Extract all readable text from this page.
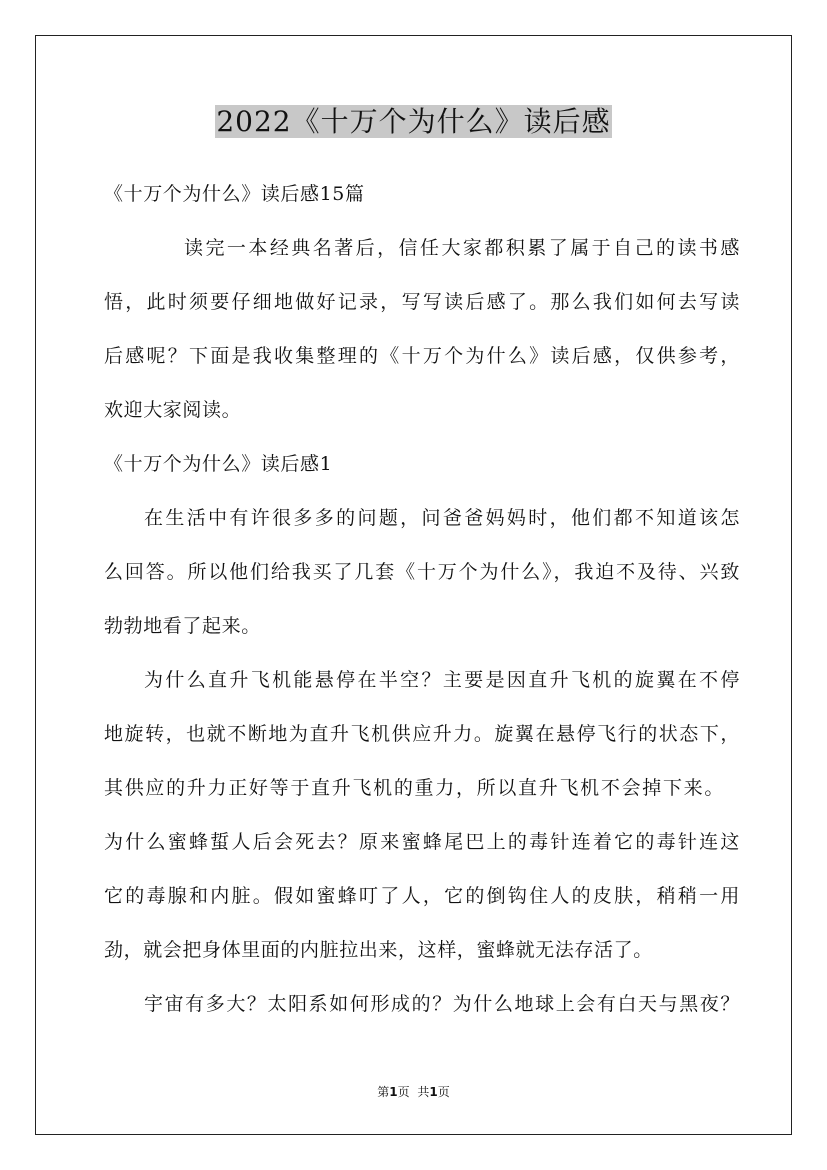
2022《十万个为什么》读后感
《十万个为什么》读后感15篇
读完一本经典名著后，信任大家都积累了属于自己的读书感
悟，此时须要仔细地做好记录，写写读后感了。那么我们如何去写读
后感呢？下面是我收集整理的《十万个为什么》读后感，仅供参考，
欢迎大家阅读。
《十万个为什么》读后感1
在生活中有许很多多的问题，问爸爸妈妈时，他们都不知道该怎
么回答。所以他们给我买了几套《十万个为什么》，我迫不及待、兴致
勃勃地看了起来。
为什么直升飞机能悬停在半空？主要是因直升飞机的旋翼在不停
地旋转，也就不断地为直升飞机供应升力。旋翼在悬停飞行的状态下，
其供应的升力正好等于直升飞机的重力，所以直升飞机不会掉下来。
为什么蜜蜂蜇人后会死去？原来蜜蜂尾巴上的毒针连着它的毒针连这
它的毒腺和内脏。假如蜜蜂叮了人，它的倒钩住人的皮肤，稍稍一用
劲，就会把身体里面的内脏拉出来，这样，蜜蜂就无法存活了。
宇宙有多大？太阳系如何形成的？为什么地球上会有白天与黑夜？
第1页 共1页
